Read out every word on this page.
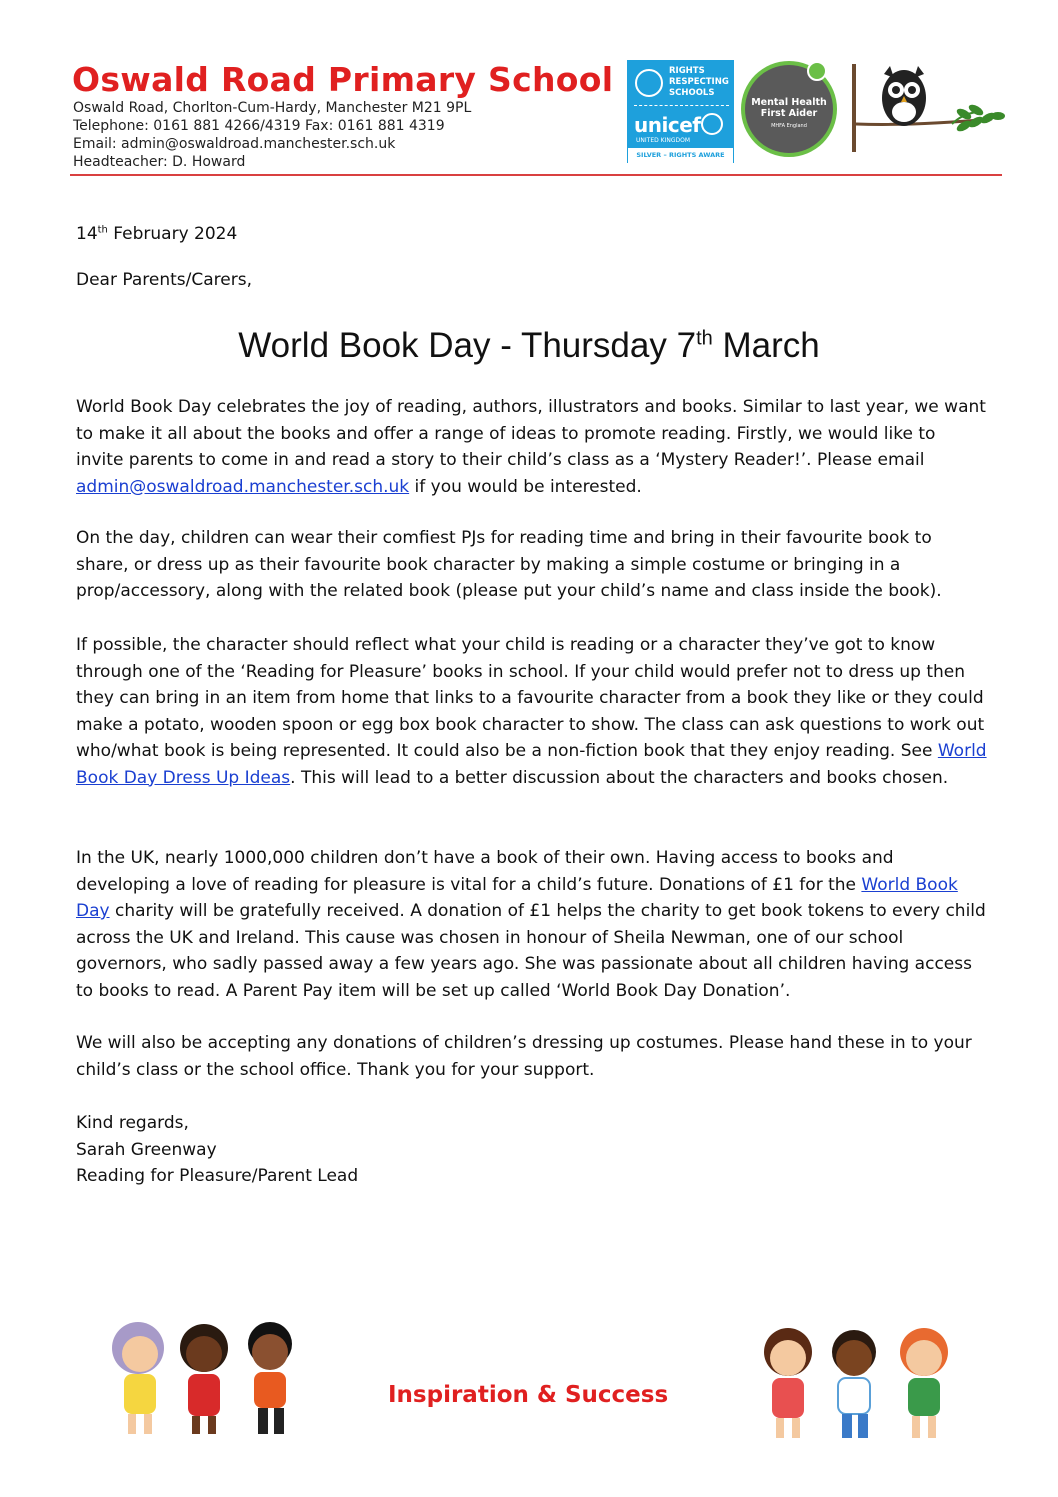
Oswald Road Primary School
Oswald Road, Chorlton-Cum-Hardy, Manchester M21 9PL
Telephone: 0161 881 4266/4319 Fax: 0161 881 4319
Email: admin@oswaldroad.manchester.sch.uk
Headteacher: D. Howard
RIGHTS RESPECTING SCHOOLS
unicef
UNITED KINGDOM
SILVER – RIGHTS AWARE
Mental Health First Aider
MHFA England
14th February 2024
Dear Parents/Carers,
World Book Day - Thursday 7th March

World Book Day celebrates the joy of reading, authors, illustrators and books. Similar to last year, we want to make it all about the books and offer a range of ideas to promote reading. Firstly, we would like to invite parents to come in and read a story to their child’s class as a ‘Mystery Reader!’. Please email admin@oswaldroad.manchester.sch.uk if you would be interested.

On the day, children can wear their comfiest PJs for reading time and bring in their favourite book to share, or dress up as their favourite book character by making a simple costume or bringing in a prop/accessory, along with the related book (please put your child’s name and class inside the book).

If possible, the character should reflect what your child is reading or a character they’ve got to know through one of the ‘Reading for Pleasure’ books in school. If your child would prefer not to dress up then they can bring in an item from home that links to a favourite character from a book they like or they could make a potato, wooden spoon or egg box book character to show. The class can ask questions to work out who/what book is being represented. It could also be a non-fiction book that they enjoy reading. See World Book Day Dress Up Ideas. This will lead to a better discussion about the characters and books chosen.

In the UK, nearly 1000,000 children don’t have a book of their own. Having access to books and developing a love of reading for pleasure is vital for a child’s future. Donations of £1 for the World Book Day charity will be gratefully received. A donation of £1 helps the charity to get book tokens to every child across the UK and Ireland. This cause was chosen in honour of Sheila Newman, one of our school governors, who sadly passed away a few years ago. She was passionate about all children having access to books to read. A Parent Pay item will be set up called ‘World Book Day Donation’.

We will also be accepting any donations of children’s dressing up costumes. Please hand these in to your child’s class or the school office. Thank you for your support.

Kind regards,
Sarah Greenway
Reading for Pleasure/Parent Lead
Inspiration & Success
